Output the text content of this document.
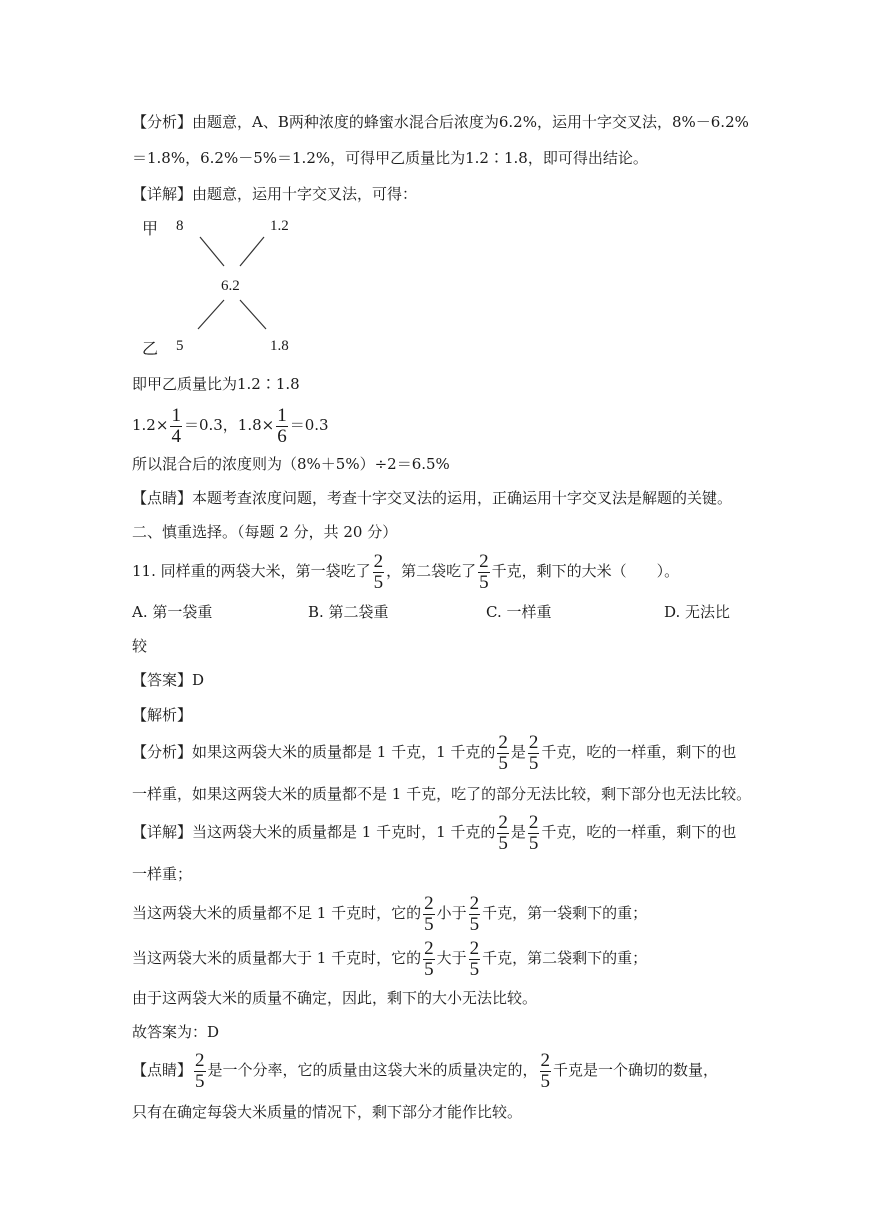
【分析】由题意，A、B两种浓度的蜂蜜水混合后浓度为6.2%，运用十字交叉法，8%－6.2%
＝1.8%，6.2%－5%＝1.2%，可得甲乙质量比为1.2∶1.8，即可得出结论。
【详解】由题意，运用十字交叉法，可得：
甲 8	1.2
6.2
乙 5	1.8
即甲乙质量比为1.2∶1.8
$1.2\times \frac{1}{4} =0.3$，$1.8\times \frac{1}{6} =0.3$
所以混合后的浓度则为（8%＋5%）÷2＝6.5%
【点睛】本题考查浓度问题，考查十字交叉法的运用，正确运用十字交叉法是解题的关键。
二、慎重选择。（每题 2 分，共 20 分）
11. 同样重的两袋大米，第一袋吃了 $\frac{2}{5}$ ，第二袋吃了 $\frac{2}{5}$ 千克，剩下的大米（　　）。
A. 第一袋重	B. 第二袋重	C. 一样重	D. 无法比
较
【答案】D
【解析】
【分析】如果这两袋大米的质量都是 1 千克，1 千克的 $\frac{2}{5}$ 是 $\frac{2}{5}$ 千克，吃的一样重，剩下的也
一样重，如果这两袋大米的质量都不是 1 千克，吃了的部分无法比较，剩下部分也无法比较。
【详解】当这两袋大米的质量都是 1 千克时，1 千克的 $\frac{2}{5}$ 是 $\frac{2}{5}$ 千克，吃的一样重，剩下的也
一样重；
当这两袋大米的质量都不足 1 千克时，它的 $\frac{2}{5}$ 小于 $\frac{2}{5}$ 千克，第一袋剩下的重；
当这两袋大米的质量都大于 1 千克时，它的 $\frac{2}{5}$ 大于 $\frac{2}{5}$ 千克，第二袋剩下的重；
由于这两袋大米的质量不确定，因此，剩下的大小无法比较。
故答案为：D
【点睛】 $\frac{2}{5}$ 是一个分率，它的质量由这袋大米的质量决定的， $\frac{2}{5}$ 千克是一个确切的数量，
只有在确定每袋大米质量的情况下，剩下部分才能作比较。
